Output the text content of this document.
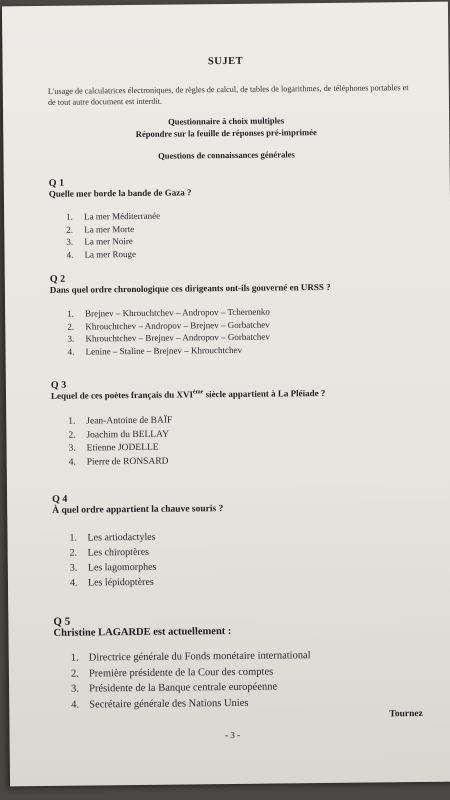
SUJET
L'usage de calculatrices électroniques, de règles de calcul, de tables de logarithmes, de téléphones portables et de tout autre document est interdit.
Questionnaire à choix multiples
Répondre sur la feuille de réponses pré-imprimée
Questions de connaissances générales
Q 1
Quelle mer borde la bande de Gaza ?
1.	La mer Méditerranée
2.	La mer Morte
3.	La mer Noire
4.	La mer Rouge
Q 2
Dans quel ordre chronologique ces dirigeants ont-ils gouverné en URSS ?
1.	Brejnev – Khrouchtchev – Andropov – Tchernenko
2.	Khrouchtchev – Andropov – Brejnev – Gorbatchev
3.	Khrouchtchev – Brejnev – Andropov – Gorbatchev
4.	Lenine – Staline – Brejnev – Khrouchtchev
Q 3
Lequel de ces poètes français du XVIème siècle appartient à La Pléiade ?
1.	Jean-Antoine de BAÏF
2.	Joachim du BELLAY
3.	Etienne JODELLE
4.	Pierre de RONSARD
Q 4
À quel ordre appartient la chauve souris ?
1.	Les artiodactyles
2.	Les chiroptères
3.	Les lagomorphes
4.	Les lépidoptères
Q 5
Christine LAGARDE est actuellement :
1. Directrice générale du Fonds monétaire international
2. Première présidente de la Cour des comptes
3. Présidente de la Banque centrale européenne
4. Secrétaire générale des Nations Unies
Tournez
- 3 -
